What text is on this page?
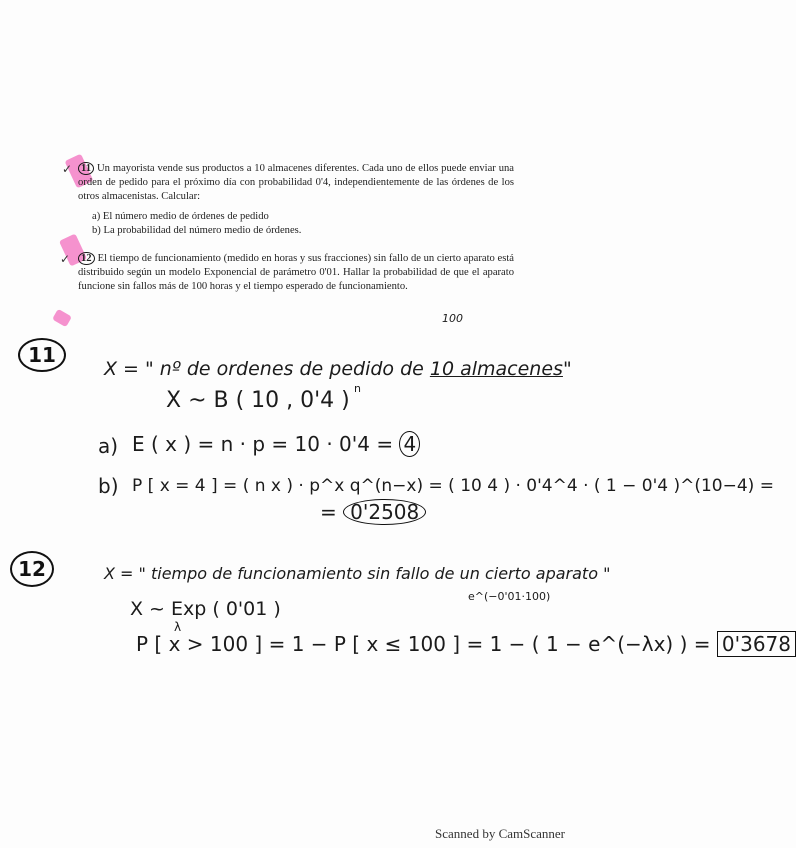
✓ 11 Un mayorista vende sus productos a 10 almacenes diferentes. Cada uno de ellos puede enviar una orden de pedido para el próximo día con probabilidad 0'4, independientemente de las órdenes de los otros almacenistas. Calcular:
a) El número medio de órdenes de pedido
b) La probabilidad del número medio de órdenes.
✓ 12 El tiempo de funcionamiento (medido en horas y sus fracciones) sin fallo de un cierto aparato está distribuido según un modelo Exponencial de parámetro 0'01. Hallar la probabilidad de que el aparato funcione sin fallos más de 100 horas y el tiempo esperado de funcionamiento.
100
11
X = " nº de ordenes de pedido de 10 almacenes"
n
X ~ B ( 10 , 0'4 )
a) E ( x ) = n · p = 10 · 0'4 = 4
b) P [ x = 4 ] = ( n x ) · p^x q^(n−x) = ( 10 4 ) · 0'4^4 · ( 1 − 0'4 )^(10−4) =
= 0'2508
12	X = " tiempo de funcionamiento sin fallo de un cierto aparato "
X ~ Exp ( 0'01 )
λ
e^(−0'01·100)
P [ x > 100 ] = 1 − P [ x ≤ 100 ] = 1 − ( 1 − e^(−λx) ) = 0'3678
Scanned by CamScanner
